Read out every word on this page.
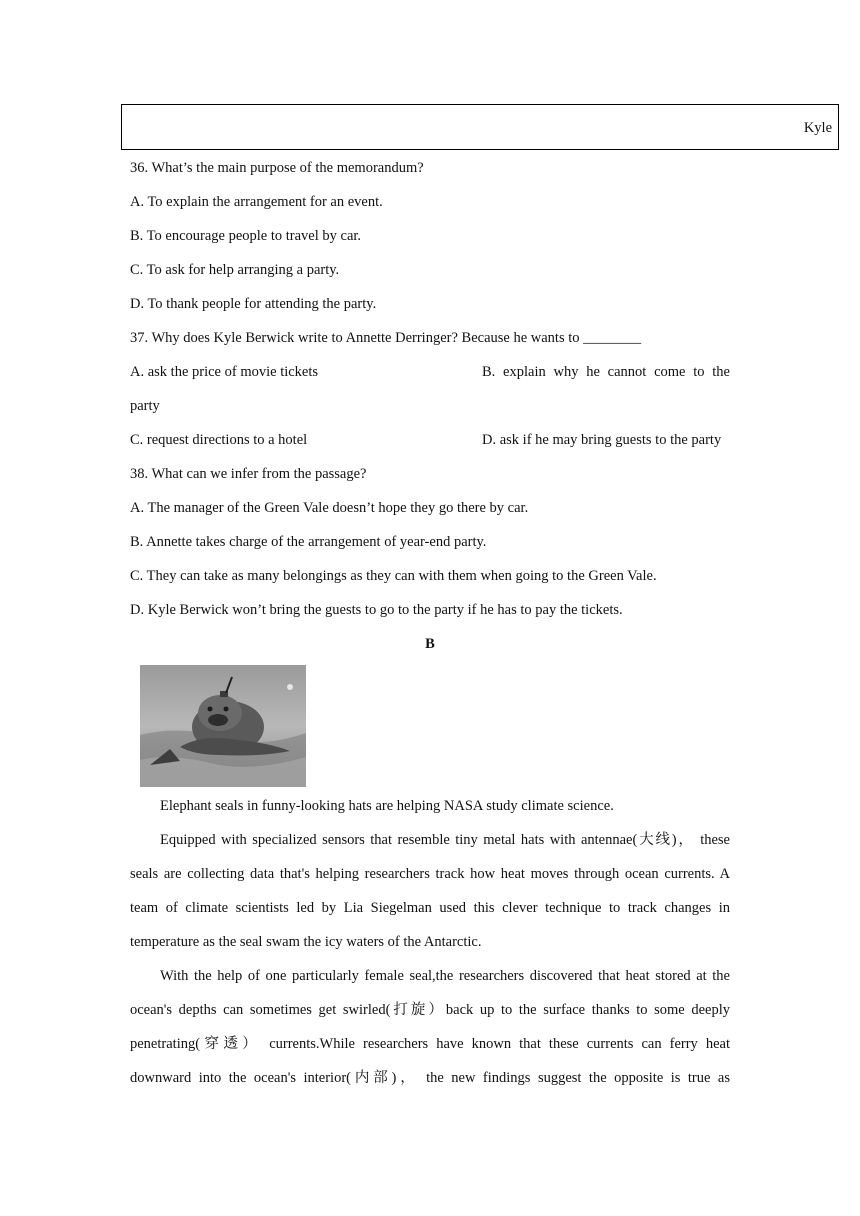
Kyle
36. What’s the main purpose of the memorandum?
A. To explain the arrangement for an event.
B. To encourage people to travel by car.
C. To ask for help arranging a party.
D. To thank people for attending the party.
37. Why does Kyle Berwick write to Annette Derringer? Because he wants to ________
A. ask the price of movie tickets	B. explain why he cannot come to the
party
C. request directions to a hotel	D. ask if he may bring guests to the party
38. What can we infer from the passage?
A. The manager of the Green Vale doesn’t hope they go there by car.
B. Annette takes charge of the arrangement of year-end party.
C. They can take as many belongings as they can with them when going to the Green Vale.
D. Kyle Berwick won’t bring the guests to go to the party if he has to pay the tickets.
B

Elephant seals in funny-looking hats are helping NASA study climate science.

Equipped with specialized sensors that resemble tiny metal hats with antennae(大线)， these
seals are collecting data that's helping researchers track how heat moves through ocean currents. A
team of climate scientists led by Lia Siegelman used this clever technique to track changes in
temperature as the seal swam the icy waters of the Antarctic.
With the help of one particularly female seal,the researchers discovered that heat stored at the
ocean's depths can sometimes get swirled(打旋）back up to the surface thanks to some deeply
penetrating(穿透） currents.While researchers have known that these currents can ferry heat
downward into the ocean's interior(内部)， the new findings suggest the opposite is true as
